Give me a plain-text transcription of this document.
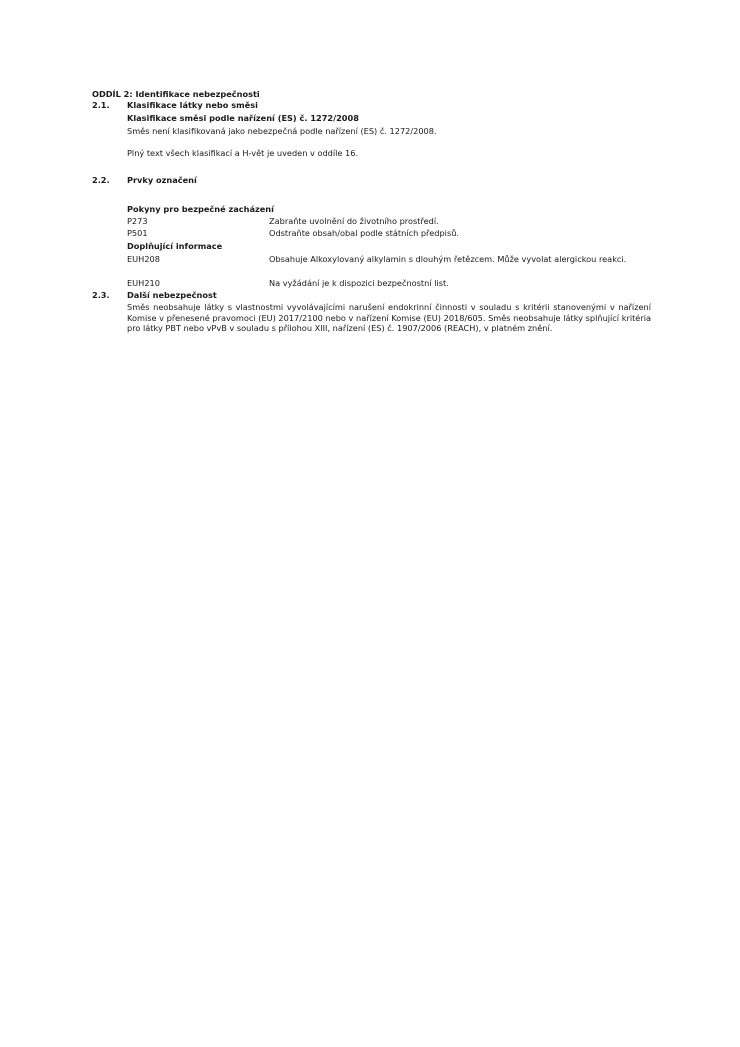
ODDÍL 2: Identifikace nebezpečnosti
2.1. Klasifikace látky nebo směsi
Klasifikace směsi podle nařízení (ES) č. 1272/2008
Směs není klasifikovaná jako nebezpečná podle nařízení (ES) č. 1272/2008.
Plný text všech klasifikací a H-vět je uveden v oddíle 16.
2.2. Prvky označení
Pokyny pro bezpečné zacházení
P273	Zabraňte uvolnění do životního prostředí.
P501	Odstraňte obsah/obal podle státních předpisů.
Doplňující informace
EUH208	Obsahuje Alkoxylovaný alkylamin s dlouhým řetězcem. Může vyvolat alergickou reakci.
EUH210	Na vyžádání je k dispozici bezpečnostní list.
2.3. Další nebezpečnost
Směs neobsahuje látky s vlastnostmi vyvolávajícími narušení endokrinní činnosti v souladu s kritérii stanovenými v nařízení Komise v přenesené pravomoci (EU) 2017/2100 nebo v nařízení Komise (EU) 2018/605. Směs neobsahuje látky splňující kritéria pro látky PBT nebo vPvB v souladu s přílohou XIII, nařízení (ES) č. 1907/2006 (REACH), v platném znění.
